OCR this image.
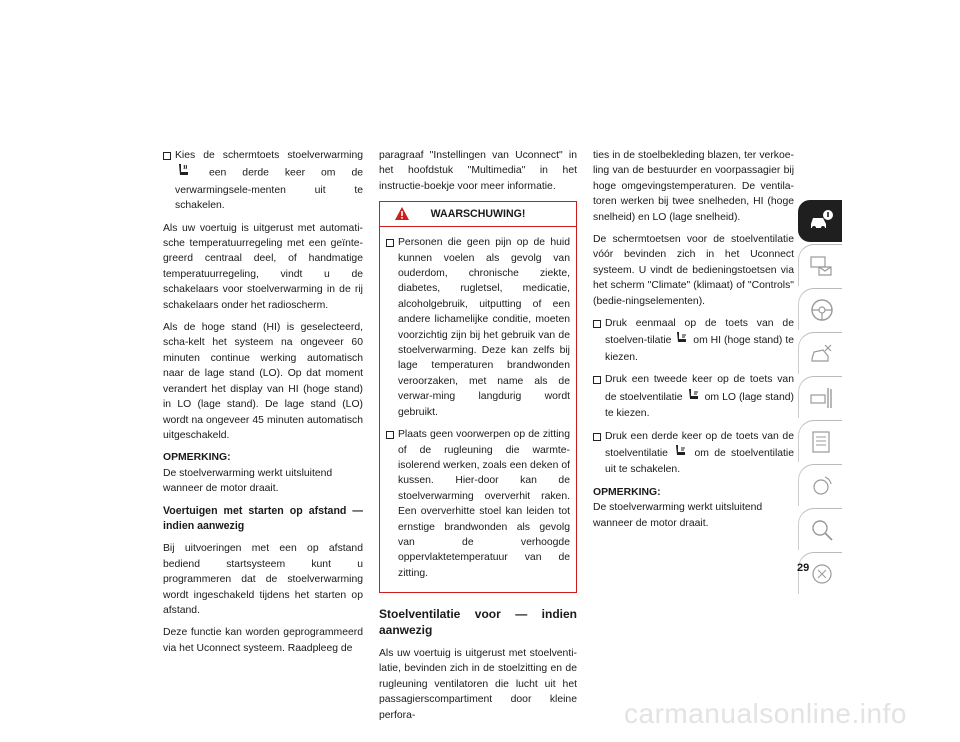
Kies de schermtoets stoelverwarming  een derde keer om de verwarmingsele-menten uit te schakelen.

Als uw voertuig is uitgerust met automati-sche temperatuurregeling met een geïnte-greerd centraal deel, of handmatige temperatuurregeling, vindt u de schakelaars voor stoelverwarming in de rij schakelaars onder het radioscherm.

Als de hoge stand (HI) is geselecteerd, scha-kelt het systeem na ongeveer 60 minuten continue werking automatisch naar de lage stand (LO). Op dat moment verandert het display van HI (hoge stand) in LO (lage stand). De lage stand (LO) wordt na ongeveer 45 minuten automatisch uitgeschakeld.

OPMERKING:
De stoelverwarming werkt uitsluitend wanneer de motor draait.

Voertuigen met starten op afstand — indien aanwezig

Bij uitvoeringen met een op afstand bediend startsysteem kunt u programmeren dat de stoelverwarming wordt ingeschakeld tijdens het starten op afstand.

Deze functie kan worden geprogrammeerd via het Uconnect systeem. Raadpleeg de

paragraaf "Instellingen van Uconnect" in het hoofdstuk "Multimedia" in het instructie-boekje voor meer informatie.

WAARSCHUWING!
Personen die geen pijn op de huid kunnen voelen als gevolg van ouderdom, chronische ziekte, diabetes, rugletsel, medicatie, alcoholgebruik, uitputting of een andere lichamelijke conditie, moeten voorzichtig zijn bij het gebruik van de stoelverwarming. Deze kan zelfs bij lage temperaturen brandwonden veroorzaken, met name als de verwar-ming langdurig wordt gebruikt.
Plaats geen voorwerpen op de zitting of de rugleuning die warmte-isolerend werken, zoals een deken of kussen. Hier-door kan de stoelverwarming oververhit raken. Een oververhitte stoel kan leiden tot ernstige brandwonden als gevolg van de verhoogde oppervlaktetemperatuur van de zitting.

Stoelventilatie voor — indien aanwezig

Als uw voertuig is uitgerust met stoelventi-latie, bevinden zich in de stoelzitting en de rugleuning ventilatoren die lucht uit het passagierscompartiment door kleine perfora-

ties in de stoelbekleding blazen, ter verkoe-ling van de bestuurder en voorpassagier bij hoge omgevingstemperaturen. De ventila-toren werken bij twee snelheden, HI (hoge snelheid) en LO (lage snelheid).

De schermtoetsen voor de stoelventilatie vóór bevinden zich in het Uconnect systeem. U vindt de bedieningstoetsen via het scherm "Climate" (klimaat) of "Controls" (bedie-ningselementen).

Druk eenmaal op de toets van de stoelven-tilatie om HI (hoge stand) te kiezen.
Druk een tweede keer op de toets van de stoelventilatie om LO (lage stand) te kiezen.
Druk een derde keer op de toets van de stoelventilatie	om de stoelventilatie uit te schakelen.

OPMERKING:
De stoelverwarming werkt uitsluitend wanneer de motor draait.

29
carmanualsonline.info
